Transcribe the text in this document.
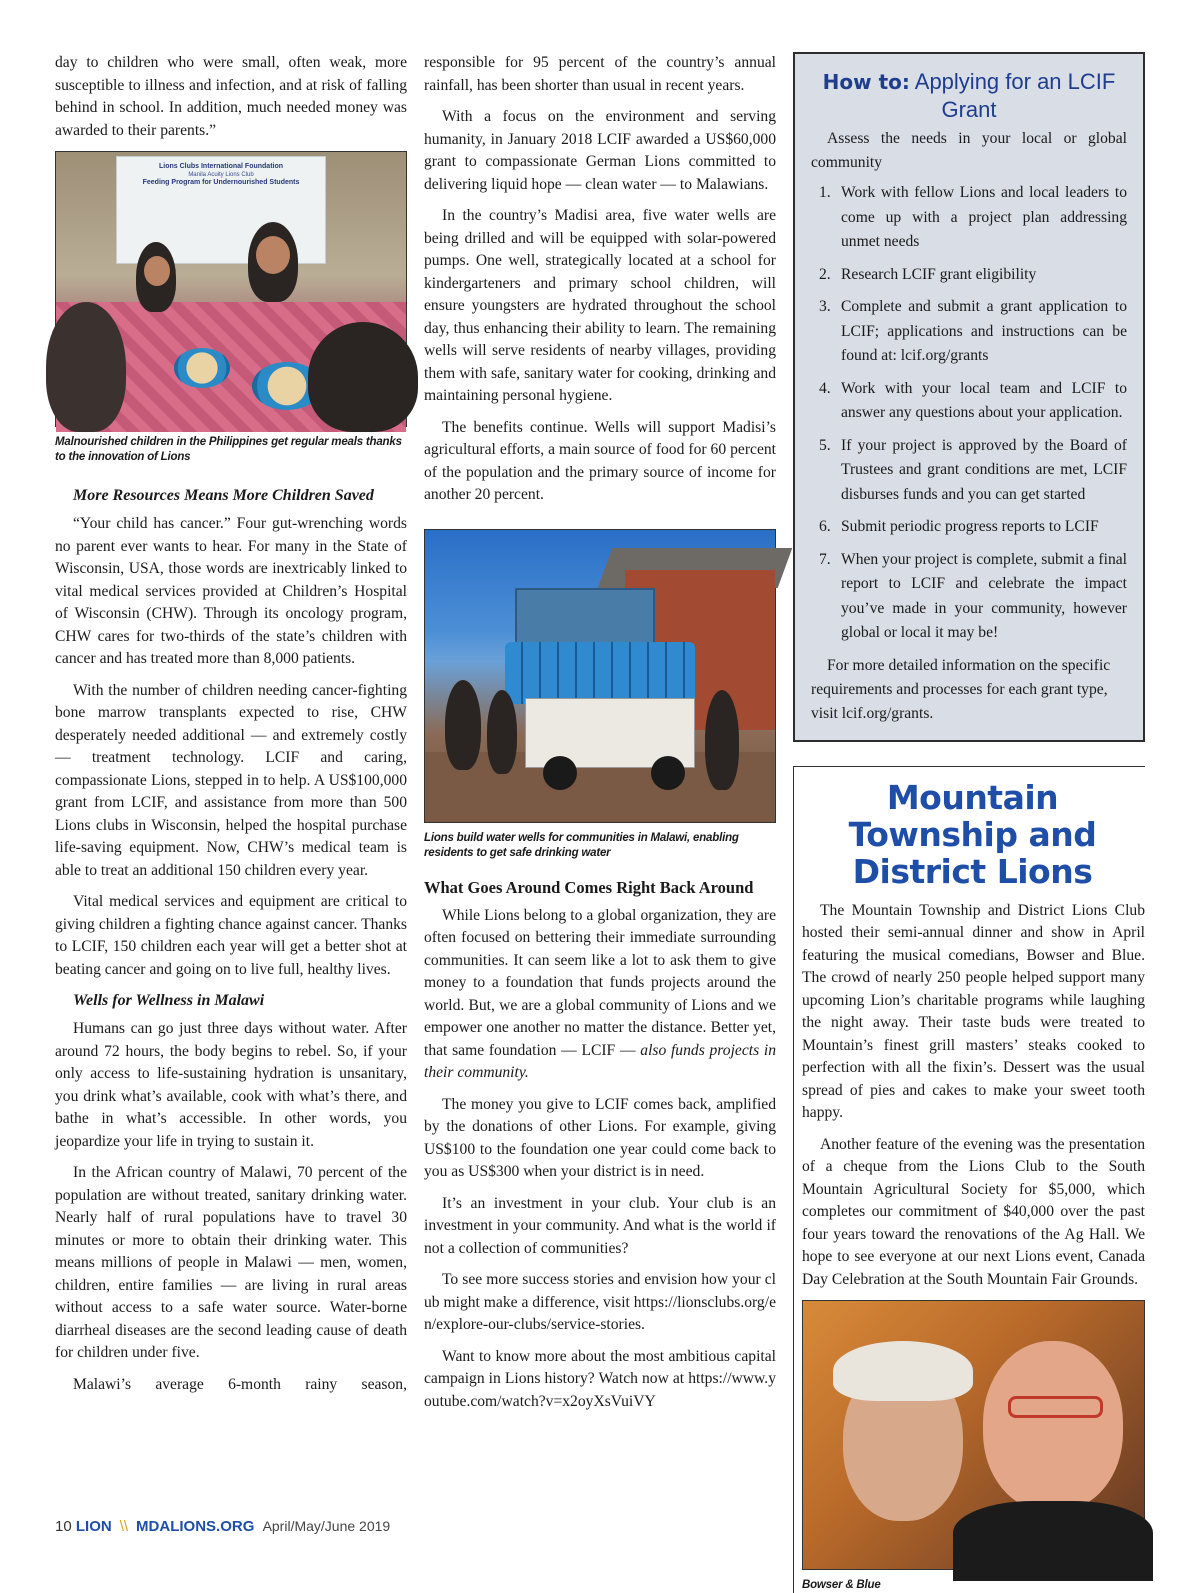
day to children who were small, often weak, more susceptible to illness and infection, and at risk of falling behind in school. In addition, much needed money was awarded to their parents.”

Lions Clubs International Foundation
Manila Acuity Lions Club

Feeding Program for Undernourished Students

Malnourished children in the Philippines get regular meals thanks to the innovation of Lions

More Resources Means More Children Saved

“Your child has cancer.” Four gut-wrenching words no parent ever wants to hear. For many in the State of Wisconsin, USA, those words are inextricably linked to vital medical services provided at Children’s Hospital of Wisconsin (CHW). Through its oncology program, CHW cares for two-thirds of the state’s children with cancer and has treated more than 8,000 patients.

With the number of children needing cancer-fighting bone marrow transplants expected to rise, CHW desperately needed additional — and extremely costly — treatment technology. LCIF and caring, compassionate Lions, stepped in to help. A US$100,000 grant from LCIF, and assistance from more than 500 Lions clubs in Wisconsin, helped the hospital purchase life-saving equipment. Now, CHW’s medical team is able to treat an additional 150 children every year.

Vital medical services and equipment are critical to giving children a fighting chance against cancer. Thanks to LCIF, 150 children each year will get a better shot at beating cancer and going on to live full, healthy lives.

Wells for Wellness in Malawi

Humans can go just three days without water. After around 72 hours, the body begins to rebel. So, if your only access to life-sustaining hydration is unsanitary, you drink what’s available, cook with what’s there, and bathe in what’s accessible. In other words, you jeopardize your life in trying to sustain it.

In the African country of Malawi, 70 percent of the population are without treated, sanitary drinking water. Nearly half of rural populations have to travel 30 minutes or more to obtain their drinking water. This means millions of people in Malawi — men, women, children, entire families — are living in rural areas without access to a safe water source. Water-borne diarrheal diseases are the second leading cause of death for children under five.

Malawi’s average 6-month rainy season,

responsible for 95 percent of the country’s annual rainfall, has been shorter than usual in recent years.

With a focus on the environment and serving humanity, in January 2018 LCIF awarded a US$60,000 grant to compassionate German Lions committed to delivering liquid hope — clean water — to Malawians.

In the country’s Madisi area, five water wells are being drilled and will be equipped with solar-powered pumps. One well, strategically located at a school for kindergarteners and primary school children, will ensure youngsters are hydrated throughout the school day, thus enhancing their ability to learn. The remaining wells will serve residents of nearby villages, providing them with safe, sanitary water for cooking, drinking and maintaining personal hygiene.

The benefits continue. Wells will support Madisi’s agricultural efforts, a main source of food for 60 percent of the population and the primary source of income for another 20 percent.

Lions build water wells for communities in Malawi, enabling residents to get safe drinking water

What Goes Around Comes Right Back Around

While Lions belong to a global organization, they are often focused on bettering their immediate surrounding communities. It can seem like a lot to ask them to give money to a foundation that funds projects around the world. But, we are a global community of Lions and we empower one another no matter the distance. Better yet, that same foundation — LCIF — also funds projects in their community.

The money you give to LCIF comes back, amplified by the donations of other Lions. For example, giving US$100 to the foundation one year could come back to you as US$300 when your district is in need.

It’s an investment in your club. Your club is an investment in your community. And what is the world if not a collection of communities?

To see more success stories and envision how your club might make a difference, visit https://lionsclubs.org/en/explore-our-clubs/service-stories.

Want to know more about the most ambitious capital campaign in Lions history? Watch now at https://www.youtube.com/watch?v=x2oyXsVuiVY

How to: Applying for an LCIF Grant

Assess the needs in your local or global community

1. Work with fellow Lions and local leaders to come up with a project plan addressing unmet needs
2. Research LCIF grant eligibility
3. Complete and submit a grant application to LCIF; applications and instructions can be found at: lcif.org/grants
4. Work with your local team and LCIF to answer any questions about your application.
5. If your project is approved by the Board of Trustees and grant conditions are met, LCIF disburses funds and you can get started
6. Submit periodic progress reports to LCIF
7. When your project is complete, submit a final report to LCIF and celebrate the impact you’ve made in your community, however global or local it may be!

For more detailed information on the specific requirements and processes for each grant type, visit lcif.org/grants.

Mountain Township and District Lions

The Mountain Township and District Lions Club hosted their semi-annual dinner and show in April featuring the musical comedians, Bowser and Blue. The crowd of nearly 250 people helped support many upcoming Lion’s charitable programs while laughing the night away. Their taste buds were treated to Mountain’s finest grill masters’ steaks cooked to perfection with all the fixin’s. Dessert was the usual spread of pies and cakes to make your sweet tooth happy.

Another feature of the evening was the presentation of a cheque from the Lions Club to the South Mountain Agricultural Society for $5,000, which completes our commitment of $40,000 over the past four years toward the renovations of the Ag Hall. We hope to see everyone at our next Lions event, Canada Day Celebration at the South Mountain Fair Grounds.

Bowser & Blue

10 LION \\ MDALIONS.ORG April/May/June 2019
